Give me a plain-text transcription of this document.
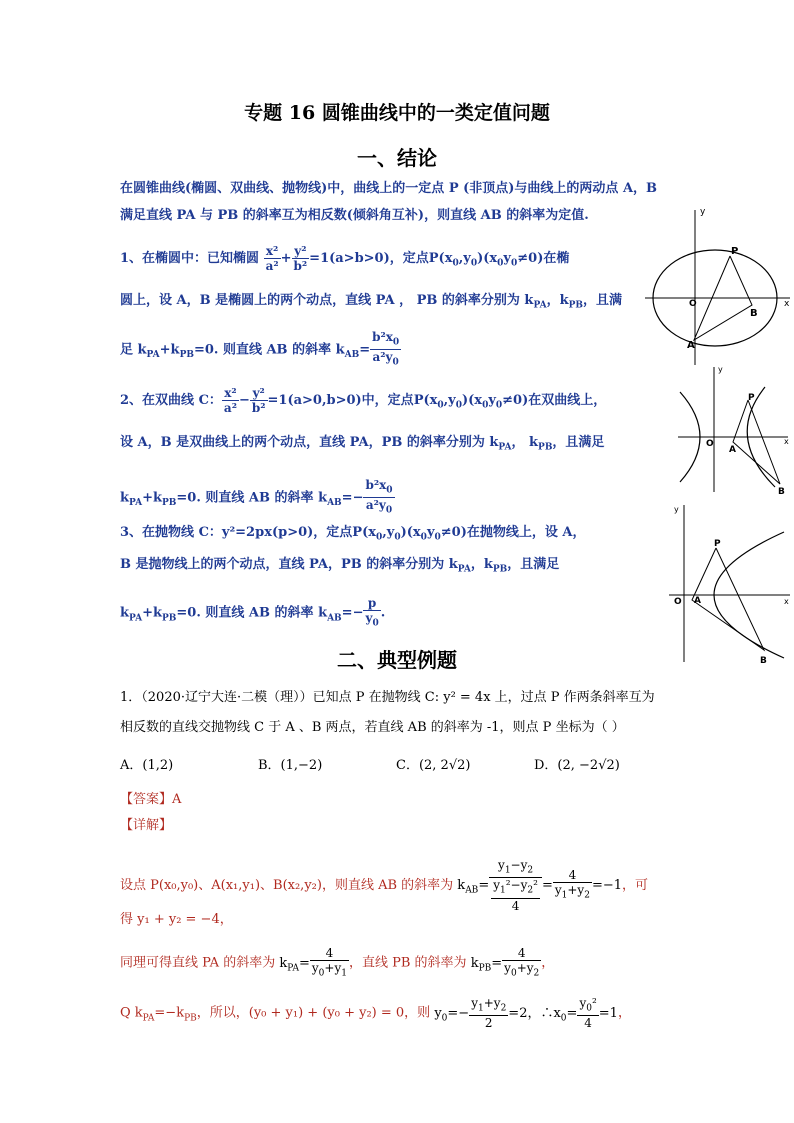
专题 16 圆锥曲线中的一类定值问题
一、结论
在圆锥曲线(椭圆、双曲线、抛物线)中，曲线上的一定点 P (非顶点)与曲线上的两动点 A，B
满足直线 PA 与 PB 的斜率互为相反数(倾斜角互补)，则直线 AB 的斜率为定值.
1、在椭圆中：已知椭圆 $\frac{\text{x²}}{\text{a²}} + \frac{\text{y²}}{\text{b²}} =1(a>b>0)$，定点$P(x_0,y_0)(x_0y_0\ne 0)$在椭
圆上，设 A，B 是椭圆上的两个动点，直线 PA ， PB 的斜率分别为 $k_{PA}$，$k_{PB}$，且满
足 $k_{PA}+k_{PB}=0$. 则直线 AB 的斜率 $k_{AB}= \frac{b^2x_0}{a^2y_0}$
2、在双曲线 C： $\frac{\text{x²}}{\text{a²}} - \frac{\text{y²}}{\text{b²}} =1(a>0,b>0)$中，定点$P(x_0,y_0)(x_0y_0\ne 0)$在双曲线上，
设 A，B 是双曲线上的两个动点，直线 PA，PB 的斜率分别为 $k_{PA}$， $k_{PB}$，且满足
$k_{PA}+k_{PB}=0$. 则直线 AB 的斜率 $k_{AB}=- \frac{b^2x_0}{a^2y_0}$
3、在抛物线 C：y²=2px(p>0)，定点$P(x_0,y_0)(x_0y_0\ne 0)$在抛物线上，设 A，
B 是抛物线上的两个动点，直线 PA，PB 的斜率分别为 $k_{PA}$，$k_{PB}$，且满足
$k_{PA}+k_{PB}=0$. 则直线 AB 的斜率 $k_{AB}=- \frac{p}{y_0}$ .
y
x
O
P
A
B
y
x
O
P
A
B
y
x
O
P
A
B
二、典型例题
1．（2020·辽宁大连·二模（理））已知点 P 在抛物线 C: y² = 4x 上，过点 P 作两条斜率互为
相反数的直线交抛物线 C 于 A 、B 两点，若直线 AB 的斜率为 -1，则点 P 坐标为（ ）
A．(1,2)	B．(1,−2)	C．(2, 2√2)	D．(2, −2√2)
【答案】A
【详解】
设点 P(x₀,y₀)、A(x₁,y₁)、B(x₂,y₂)，则直线 AB 的斜率为 $k_{AB}= \frac{y_1-y_2}{\frac{y_1^2-y_2^2}{4}} = \frac{4}{y_1+y_2} =-1$，可
得 y₁ + y₂ = −4，
同理可得直线 PA 的斜率为 $k_{PA}= \frac{4}{y_0+y_1}$ ，直线 PB 的斜率为 $k_{PB}= \frac{4}{y_0+y_2}$ ，
Q $k_{PA}=-k_{PB}$，所以，(y₀ + y₁) + (y₀ + y₂) = 0，则 $y_0=- \frac{y_1+y_2}{2} =2$，$\therefore x_0= \frac{y_0^2}{4} =1$，
